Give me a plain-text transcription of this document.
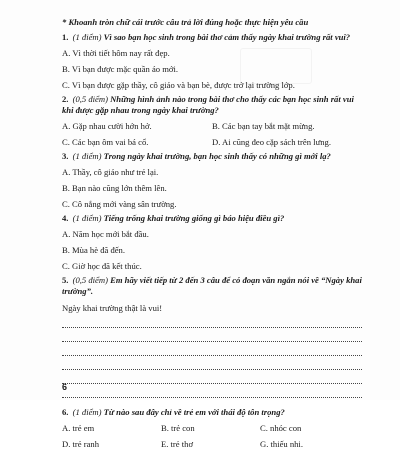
* Khoanh tròn chữ cái trước câu trả lời đúng hoặc thực hiện yêu cầu
1. (1 điểm) Vì sao bạn học sinh trong bài thơ cảm thấy ngày khai trường rất vui?
A. Vì thời tiết hôm nay rất đẹp.
B. Vì bạn được mặc quần áo mới.
C. Vì bạn được gặp thầy, cô giáo và bạn bè, được trở lại trường lớp.
2. (0,5 điểm) Những hình ảnh nào trong bài thơ cho thấy các bạn học sinh rất vui khi được gặp nhau trong ngày khai trường?
A. Gặp nhau cười hớn hở.	B. Các bạn tay bắt mặt mừng.
C. Các bạn ôm vai bá cổ.	D. Ai cũng đeo cặp sách trên lưng.
3. (1 điểm) Trong ngày khai trường, bạn học sinh thấy có những gì mới lạ?
A. Thầy, cô giáo như trẻ lại.
B. Bạn nào cũng lớn thêm lên.
C. Cô nắng mới vàng sân trường.
4. (1 điểm) Tiếng trống khai trường giống gì báo hiệu điều gì?
A. Năm học mới bắt đầu.
B. Mùa hè đã đến.
C. Giờ học đã kết thúc.
5. (0,5 điểm) Em hãy viết tiếp từ 2 đến 3 câu để có đoạn văn ngắn nói về “Ngày khai trường”.
Ngày khai trường thật là vui!
6. (1 điểm) Từ nào sau đây chỉ về trẻ em với thái độ tôn trọng?
A. trẻ em	B. trẻ con	C. nhóc con
D. trẻ ranh	E. trẻ thơ	G. thiếu nhi.
6
